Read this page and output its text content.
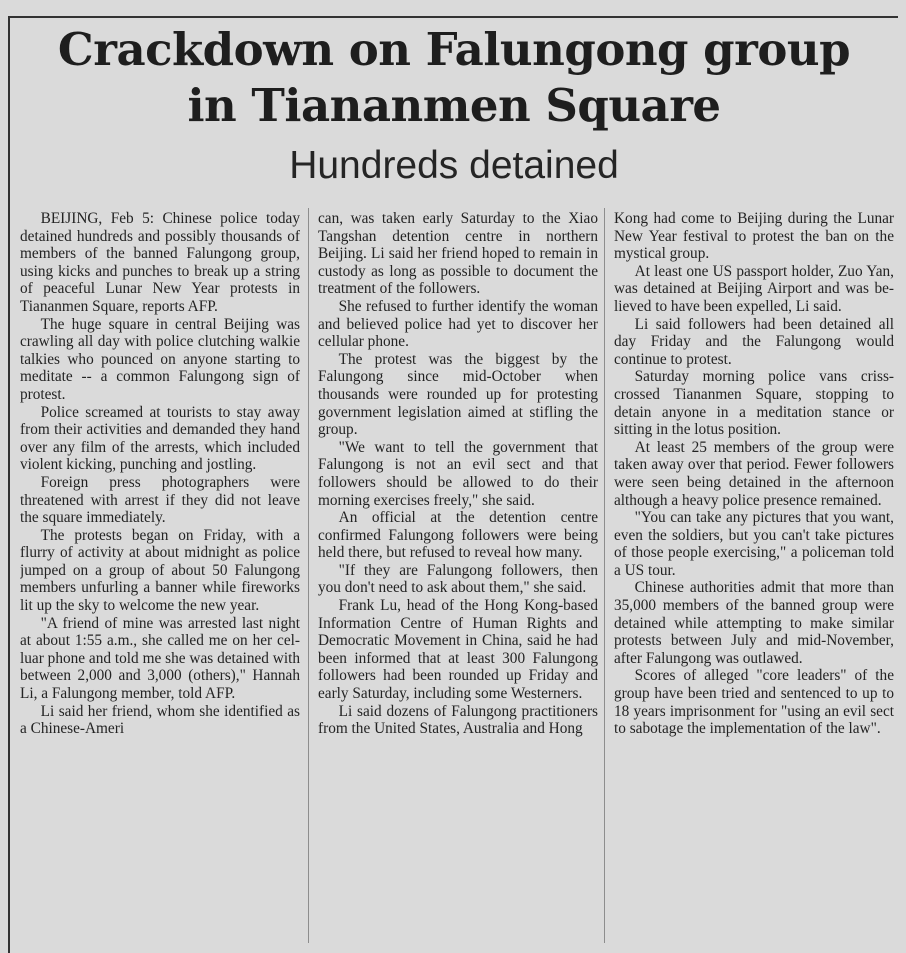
Crackdown on Falungong group
in Tiananmen Square
Hundreds detained

BEIJING, Feb 5: Chinese police today detained hundreds and possibly thousands of members of the banned Falungong group, using kicks and punches to break up a string of peaceful Lunar New Year protests in Tiananmen Square, reports AFP.

The huge square in central Beijing was crawling all day with police clutching walkie talkies who pounced on anyone starting to meditate -- a common Falungong sign of protest.

Police screamed at tourists to stay away from their activities and demanded they hand over any film of the arrests, which included violent kicking, punching and jostling.

Foreign press photographers were threatened with arrest if they did not leave the square immediately.

The protests began on Friday, with a flurry of activity at about midnight as police jumped on a group of about 50 Falungong members unfurling a banner while fireworks lit up the sky to welcome the new year.

"A friend of mine was arrested last night at about 1:55 a.m., she called me on her celluar phone and told me she was detained with between 2,000 and 3,000 (others)," Hannah Li, a Falungong member, told AFP.

Li said her friend, whom she identified as a Chinese-Ameri

can, was taken early Saturday to the Xiao Tangshan detention centre in northern Beijing. Li said her friend hoped to remain in custody as long as possible to document the treatment of the followers.

She refused to further identify the woman and believed police had yet to discover her cellular phone.

The protest was the biggest by the Falungong since mid-October when thousands were rounded up for protesting government legislation aimed at stifling the group.

"We want to tell the government that Falungong is not an evil sect and that followers should be allowed to do their morning exercises freely," she said.

An official at the detention centre confirmed Falungong followers were being held there, but refused to reveal how many.

"If they are Falungong followers, then you don't need to ask about them," she said.

Frank Lu, head of the Hong Kong-based Information Centre of Human Rights and Democratic Movement in China, said he had been informed that at least 300 Falungong followers had been rounded up Friday and early Saturday, including some Westerners.

Li said dozens of Falungong practitioners from the United States, Australia and Hong

Kong had come to Beijing during the Lunar New Year festival to protest the ban on the mystical group.

At least one US passport holder, Zuo Yan, was detained at Beijing Airport and was believed to have been expelled, Li said.

Li said followers had been detained all day Friday and the Falungong would continue to protest.

Saturday morning police vans criss-crossed Tiananmen Square, stopping to detain anyone in a meditation stance or sitting in the lotus position.

At least 25 members of the group were taken away over that period. Fewer followers were seen being detained in the afternoon although a heavy police presence remained.

"You can take any pictures that you want, even the soldiers, but you can't take pictures of those people exercising," a policeman told a US tour.

Chinese authorities admit that more than 35,000 members of the banned group were detained while attempting to make similar protests between July and mid-November, after Falungong was outlawed.

Scores of alleged "core leaders" of the group have been tried and sentenced to up to 18 years imprisonment for "using an evil sect to sabotage the implementation of the law".
